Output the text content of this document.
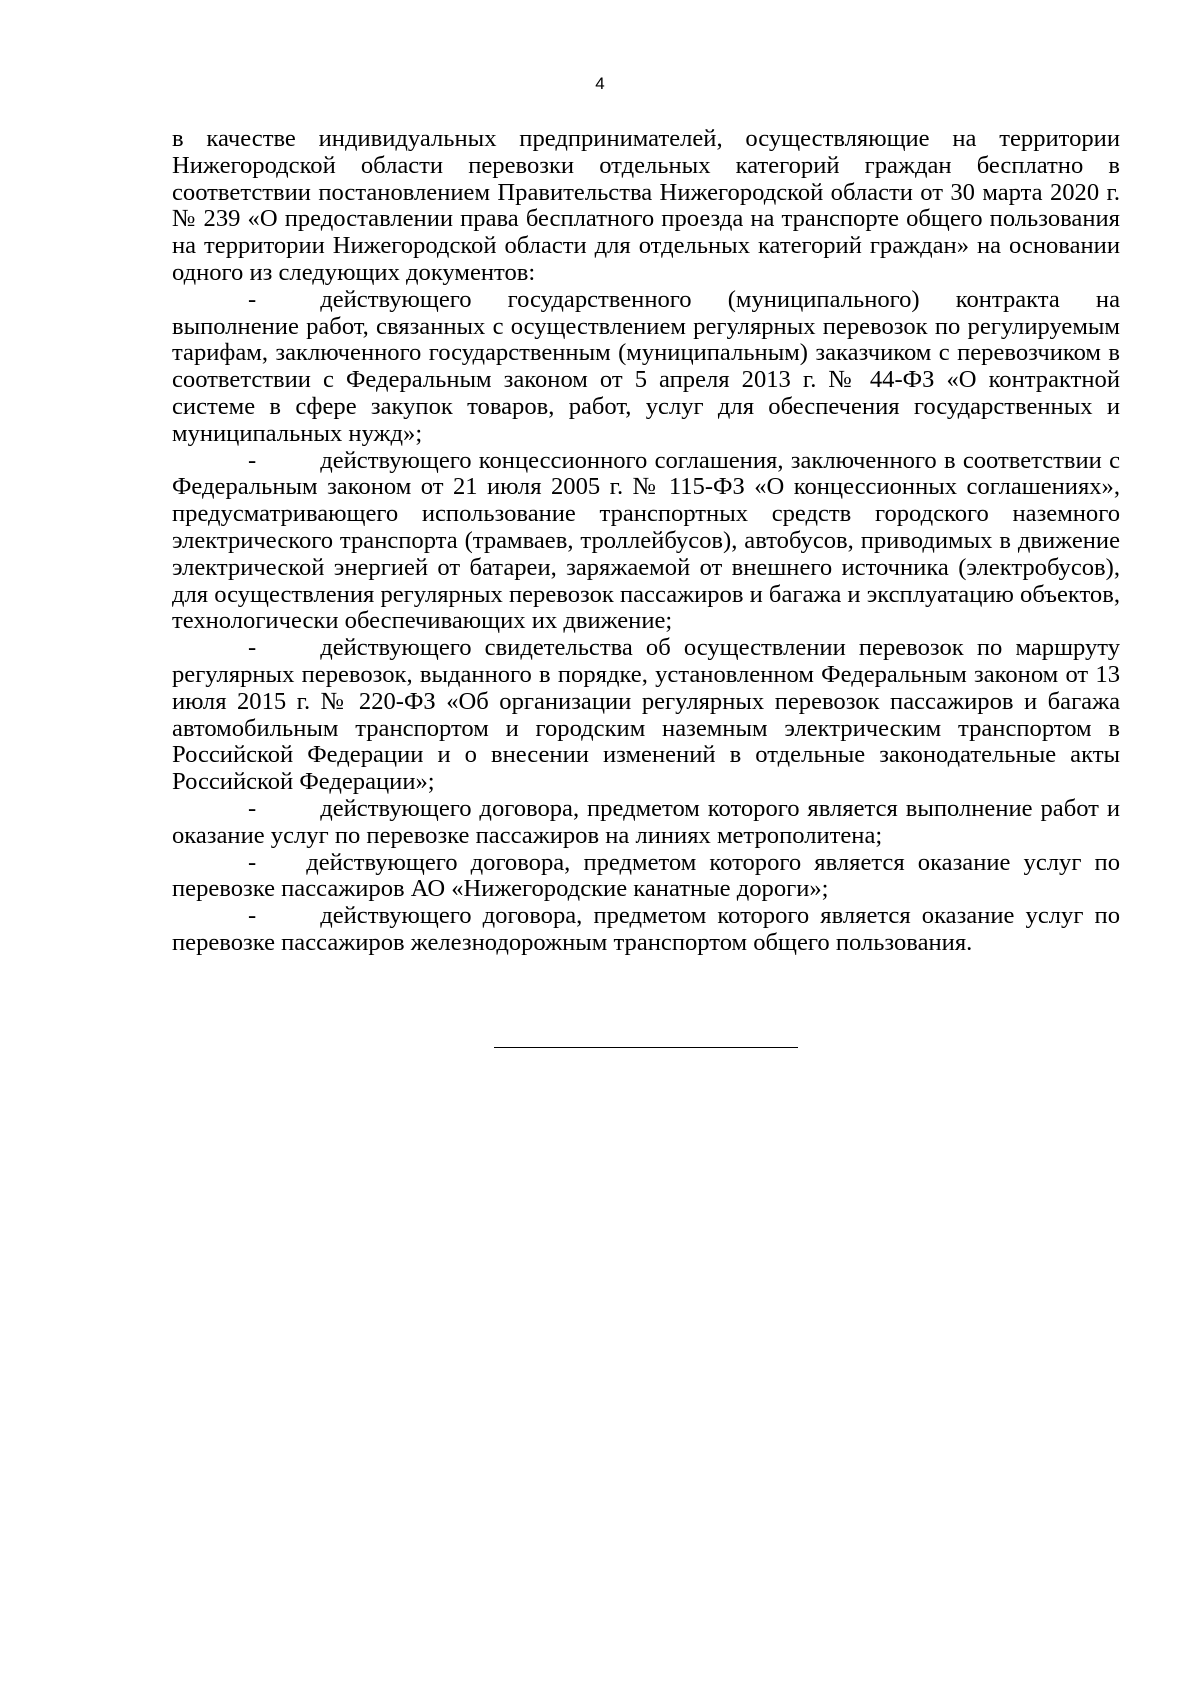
4

в качестве индивидуальных предпринимателей, осуществляющие на территории Нижегородской области перевозки отдельных категорий граждан бесплатно в соответствии постановлением Правительства Нижегородской области от 30 марта 2020 г. № 239 «О предоставлении права бесплатного проезда на транспорте общего пользования на территории Нижегородской области для отдельных категорий граждан» на основании одного из следующих документов:

-	действующего государственного (муниципального) контракта на выполнение работ, связанных с осуществлением регулярных перевозок по регулируемым тарифам, заключенного государственным (муниципальным) заказчиком с перевозчиком в соответствии с Федеральным законом от 5 апреля 2013 г. № 44-ФЗ «О контрактной системе в сфере закупок товаров, работ, услуг для обеспечения государственных и муниципальных нужд»;

-	действующего концессионного соглашения, заключенного в соответствии с Федеральным законом от 21 июля 2005 г. № 115-ФЗ «О концессионных соглашениях», предусматривающего использование транспортных средств городского наземного электрического транспорта (трамваев, троллейбусов), автобусов, приводимых в движение электрической энергией от батареи, заряжаемой от внешнего источника (электробусов), для осуществления регулярных перевозок пассажиров и багажа и эксплуатацию объектов, технологически обеспечивающих их движение;

-	действующего свидетельства об осуществлении перевозок по маршруту регулярных перевозок, выданного в порядке, установленном Федеральным законом от 13 июля 2015 г. № 220-ФЗ «Об организации регулярных перевозок пассажиров и багажа автомобильным транспортом и городским наземным электрическим транспортом в Российской Федерации и о внесении изменений в отдельные законодательные акты Российской Федерации»;

-	действующего договора, предметом которого является выполнение работ и оказание услуг по перевозке пассажиров на линиях метрополитена;

- действующего договора, предметом которого является оказание услуг по перевозке пассажиров АО «Нижегородские канатные дороги»;

-	действующего договора, предметом которого является оказание услуг по перевозке пассажиров железнодорожным транспортом общего пользования.
